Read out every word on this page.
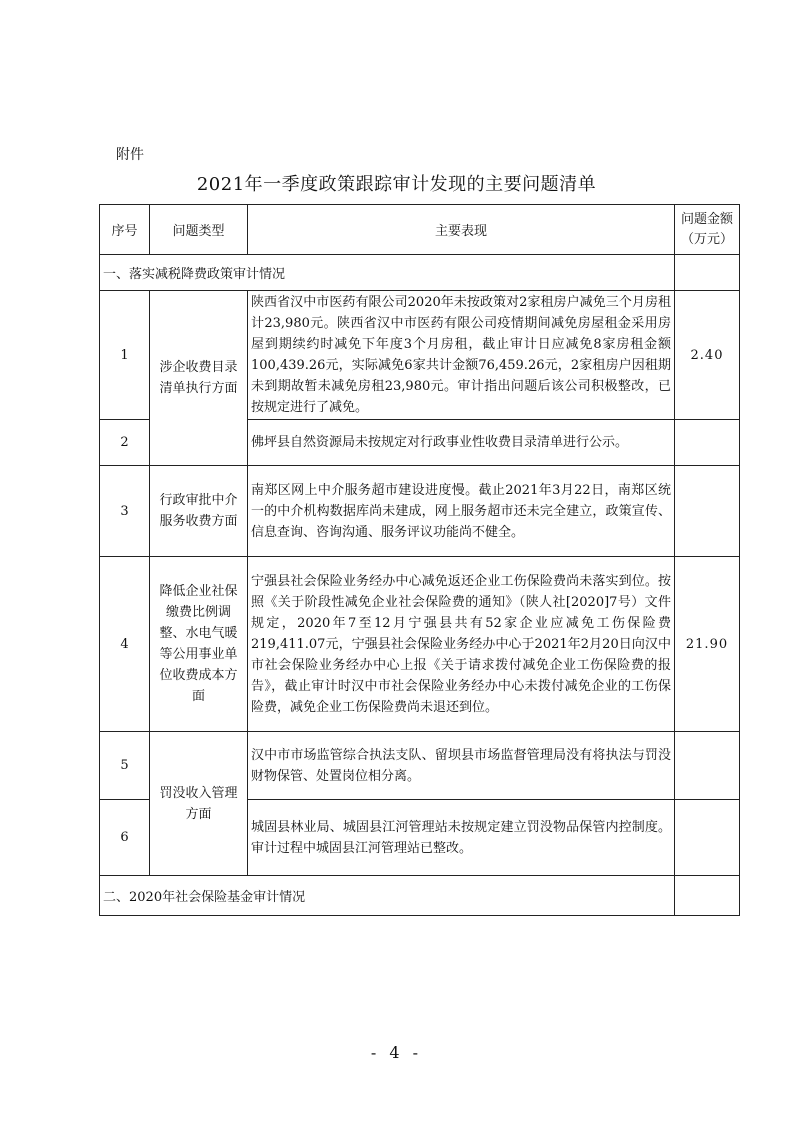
附件
2021年一季度政策跟踪审计发现的主要问题清单
序号	问题类型	主要表现	问题金额
（万元）
一、落实减税降费政策审计情况			
1	涉企收费目录清单执行方面	陕西省汉中市医药有限公司2020年未按政策对2家租房户减免三个月房租计23,980元。陕西省汉中市医药有限公司疫情期间减免房屋租金采用房屋到期续约时减免下年度3个月房租，截止审计日应减免8家房租金额100,439.26元，实际减免6家共计金额76,459.26元，2家租房户因租期未到期故暂未减免房租23,980元。审计指出问题后该公司积极整改，已按规定进行了减免。	2.40
2		佛坪县自然资源局未按规定对行政事业性收费目录清单进行公示。	
3	行政审批中介服务收费方面	南郑区网上中介服务超市建设进度慢。截止2021年3月22日，南郑区统一的中介机构数据库尚未建成，网上服务超市还未完全建立，政策宣传、信息查询、咨询沟通、服务评议功能尚不健全。	
4	降低企业社保缴费比例调整、水电气暖等公用事业单位收费成本方面	宁强县社会保险业务经办中心减免返还企业工伤保险费尚未落实到位。按照《关于阶段性减免企业社会保险费的通知》（陕人社[2020]7号）文件规定，2020年7至12月宁强县共有52家企业应减免工伤保险费219,411.07元，宁强县社会保险业务经办中心于2021年2月20日向汉中市社会保险业务经办中心上报《关于请求拨付减免企业工伤保险费的报告》，截止审计时汉中市社会保险业务经办中心未拨付减免企业的工伤保险费，减免企业工伤保险费尚未退还到位。	21.90
5	罚没收入管理方面	汉中市市场监管综合执法支队、留坝县市场监督管理局没有将执法与罚没财物保管、处置岗位相分离。	
6		城固县林业局、城固县江河管理站未按规定建立罚没物品保管内控制度。审计过程中城固县江河管理站已整改。	
二、2020年社会保险基金审计情况			
- 4 -
